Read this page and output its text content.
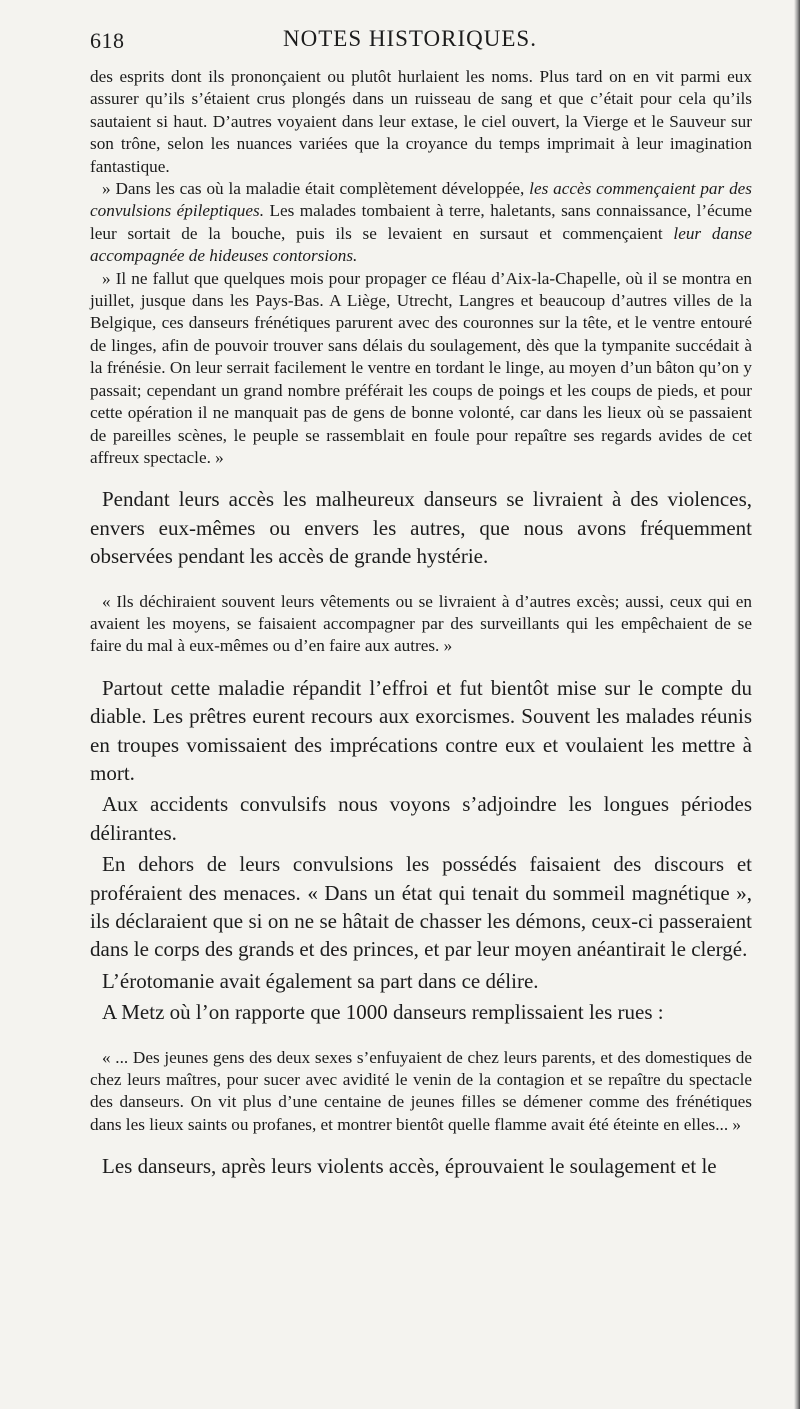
618	NOTES HISTORIQUES.

des esprits dont ils prononçaient ou plutôt hurlaient les noms. Plus tard on en vit parmi eux assurer qu’ils s’étaient crus plongés dans un ruisseau de sang et que c’était pour cela qu’ils sautaient si haut. D’autres voyaient dans leur extase, le ciel ouvert, la Vierge et le Sauveur sur son trône, selon les nuances variées que la croyance du temps imprimait à leur imagination fantastique.

» Dans les cas où la maladie était complètement développée, les accès commençaient par des convulsions épileptiques. Les malades tombaient à terre, haletants, sans connaissance, l’écume leur sortait de la bouche, puis ils se levaient en sursaut et commençaient leur danse accompagnée de hideuses contorsions.

» Il ne fallut que quelques mois pour propager ce fléau d’Aix-la-Chapelle, où il se montra en juillet, jusque dans les Pays-Bas. A Liège, Utrecht, Langres et beaucoup d’autres villes de la Belgique, ces danseurs frénétiques parurent avec des couronnes sur la tête, et le ventre entouré de linges, afin de pouvoir trouver sans délais du soulagement, dès que la tympanite succédait à la frénésie. On leur serrait facilement le ventre en tordant le linge, au moyen d’un bâton qu’on y passait; cependant un grand nombre préférait les coups de poings et les coups de pieds, et pour cette opération il ne manquait pas de gens de bonne volonté, car dans les lieux où se passaient de pareilles scènes, le peuple se rassemblait en foule pour repaître ses regards avides de cet affreux spectacle. »

Pendant leurs accès les malheureux danseurs se livraient à des violences, envers eux-mêmes ou envers les autres, que nous avons fréquemment observées pendant les accès de grande hystérie.

« Ils déchiraient souvent leurs vêtements ou se livraient à d’autres excès; aussi, ceux qui en avaient les moyens, se faisaient accompagner par des surveillants qui les empêchaient de se faire du mal à eux-mêmes ou d’en faire aux autres. »

Partout cette maladie répandit l’effroi et fut bientôt mise sur le compte du diable. Les prêtres eurent recours aux exorcismes. Souvent les malades réunis en troupes vomissaient des imprécations contre eux et voulaient les mettre à mort.

Aux accidents convulsifs nous voyons s’adjoindre les longues périodes délirantes.

En dehors de leurs convulsions les possédés faisaient des discours et proféraient des menaces. « Dans un état qui tenait du sommeil magnétique », ils déclaraient que si on ne se hâtait de chasser les démons, ceux-ci passeraient dans le corps des grands et des princes, et par leur moyen anéantirait le clergé.

L’érotomanie avait également sa part dans ce délire.

A Metz où l’on rapporte que 1000 danseurs remplissaient les rues :

« ... Des jeunes gens des deux sexes s’enfuyaient de chez leurs parents, et des domestiques de chez leurs maîtres, pour sucer avec avidité le venin de la contagion et se repaître du spectacle des danseurs. On vit plus d’une centaine de jeunes filles se démener comme des frénétiques dans les lieux saints ou profanes, et montrer bientôt quelle flamme avait été éteinte en elles... »

Les danseurs, après leurs violents accès, éprouvaient le soulagement et le
